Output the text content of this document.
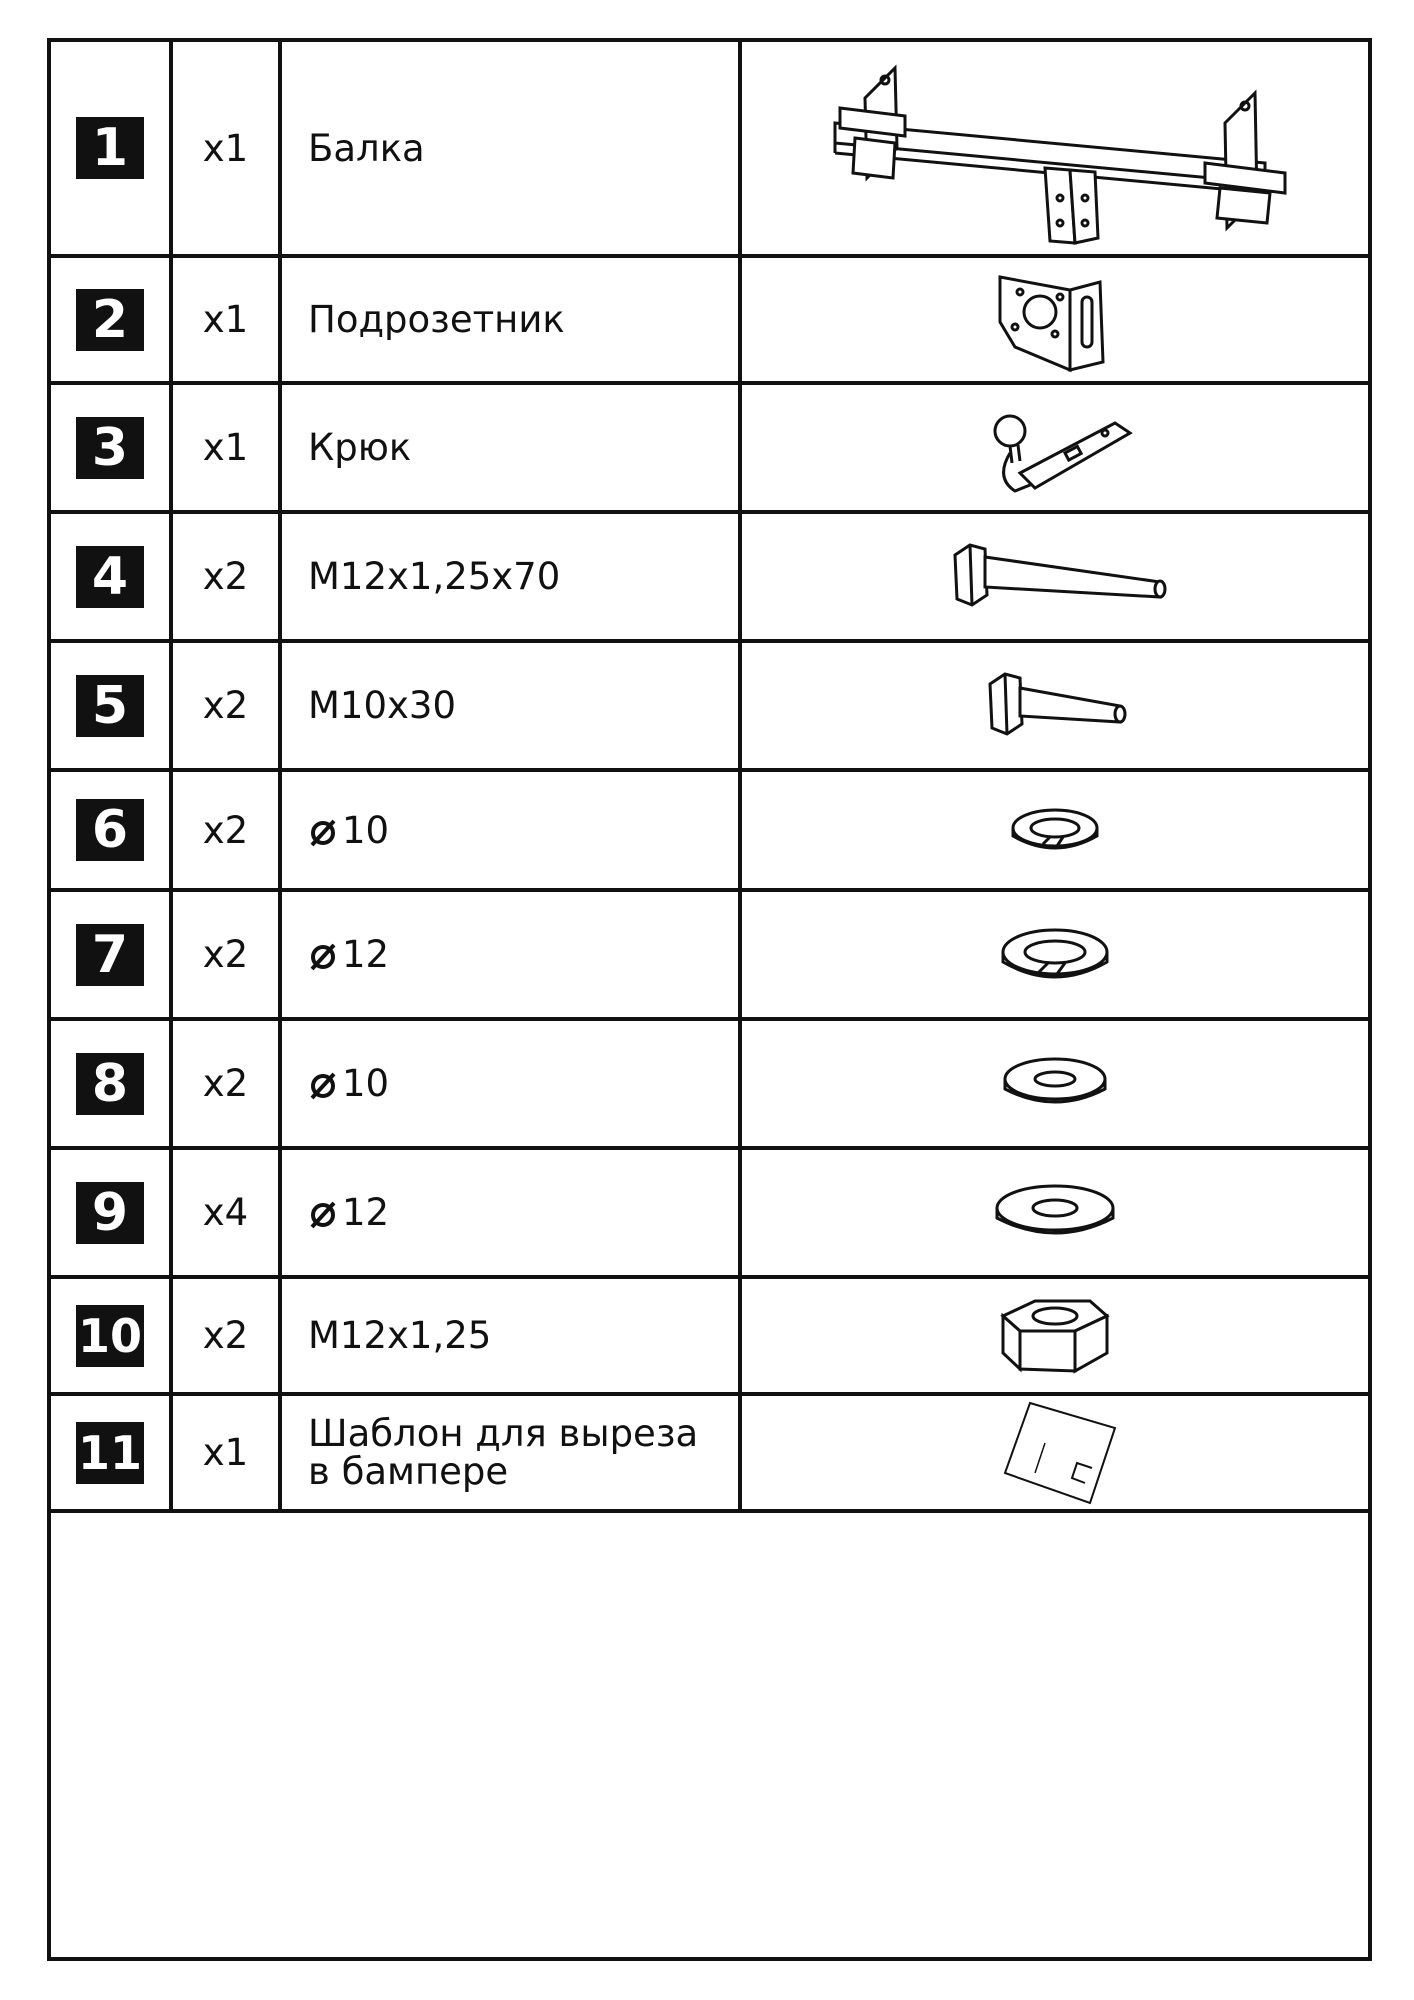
1	x1	Балка	

2	x1	Подрозетник	

3	x1	Крюк	

4	x2	M12x1,25x70	

5	x2	M10x30	

6	x2	10	

7	x2	12	

8	x2	10	

9	x4	12	

10	x2	M12x1,25	

11	x1	Шаблон для выреза
в бампере
